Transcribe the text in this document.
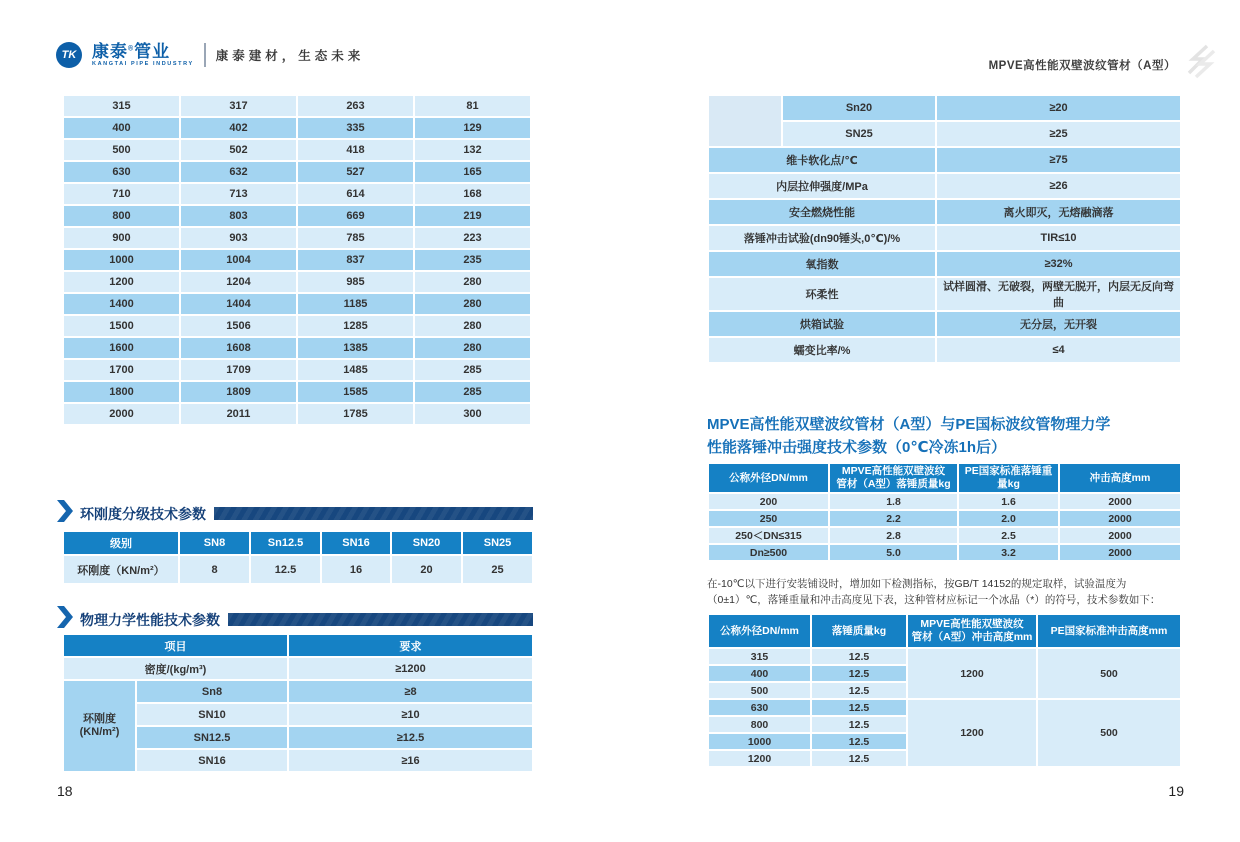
TK 康泰®管业
KANGTAI PIPE INDUSTRY
康泰建材，生态未来
MPVE高性能双壁波纹管材（A型）
315	317	263	81
400	402	335	129
500	502	418	132
630	632	527	165
710	713	614	168
800	803	669	219
900	903	785	223
1000	1004	837	235
1200	1204	985	280
1400	1404	1185	280
1500	1506	1285	280
1600	1608	1385	280
1700	1709	1485	285
1800	1809	1585	285
2000	2011	1785	300
环刚度分级技术参数
级别	SN8	Sn12.5	SN16	SN20	SN25
环刚度（KN/m²）	8	12.5	16	20	25
物理力学性能技术参数
项目		要求
密度/(kg/m³)		≥1200
环刚度
(KN/m²)	Sn8	≥8
	SN10	≥10
	SN12.5	≥12.5
	SN16	≥16
18
	Sn20	≥20
	SN25	≥25
维卡软化点/℃		≥75
内层拉伸强度/MPa		≥26
安全燃烧性能		离火即灭，无熔融滴落
落锤冲击试验(dn90锤头,0℃)/%		TIR≤10
氧指数		≥32%
环柔性		试样圆滑、无破裂，两壁无脱开，内层无反向弯曲
烘箱试验		无分层，无开裂
蠕变比率/%		≤4
MPVE高性能双壁波纹管材（A型）与PE国标波纹管物理力学
性能落锤冲击强度技术参数（0℃冷冻1h后）
公称外径DN/mm	MPVE高性能双壁波纹
管材（A型）落锤质量kg	PE国家标准落锤重量kg	冲击高度mm
200	1.8	1.6	2000
250	2.2	2.0	2000
250＜DN≤315	2.8	2.5	2000
Dn≥500	5.0	3.2	2000
在-10℃以下进行安装铺设时，增加如下检测指标，按GB/T 14152的规定取样，试验温度为（0±1）℃，落锤重量和冲击高度见下表，这种管材应标记一个冰晶（*）的符号，技术参数如下：
公称外径DN/mm	落锤质量kg	MPVE高性能双壁波纹
管材（A型）冲击高度mm	PE国家标准冲击高度mm
315	12.5	1200	500
400	12.5		
500	12.5		
630	12.5	1200	500
800	12.5		
1000	12.5		
1200	12.5		
19
